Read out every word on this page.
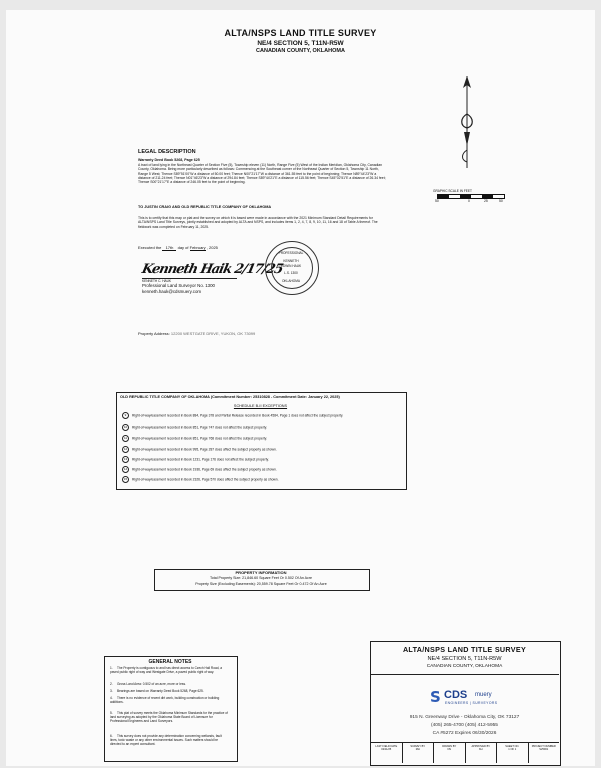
ALTA/NSPS LAND TITLE SURVEY
NE/4 SECTION 5, T11N-R5W
CANADIAN COUNTY, OKLAHOMA
GRAPHIC SCALE IN FEET
50	0	25	50
LEGAL DESCRIPTION
Warranty Deed Book 5268, Page 625
A tract of land lying in the Northeast Quarter of Section Five (5), Township eleven (11) North, Range Five (5) West of the Indian Meridian, Oklahoma City, Canadian County, Oklahoma. Being more particularly described as follows: Commencing at the Southeast corner of the Northeast Quarter of Section 5, Township 11 North, Range 5 West; Thence S89°51'00"W a distance of 50.00 feet; Thence N00°21'17"W a distance of 361.55 feet to the point of beginning; Thence N89°44'23"W a distance of 211.24 feet; Thence N01°46'23"W a distance of 294.84 feet; Thence S89°44'21"E a distance of 115.56 feet; Thence S45°02'51"E a distance of 26.34 feet; Thence S00°21'17"E a distance of 246.05 feet to the point of beginning.
TO JUSTIN CRAIG AND OLD REPUBLIC TITLE COMPANY OF OKLAHOMA
This is to certify that this map or plat and the survey on which it is based were made in accordance with the 2021 Minimum Standard Detail Requirements for ALTA/NSPS Land Title Surveys, jointly established and adopted by ALTA and NSPS, and includes items 1, 2, 4, 7, 8, 9, 10, 11, 16 and 18 of Table A thereof. The fieldwork was completed on February 11, 2025.
Executed the 17th day of February , 2025
Kenneth Haik 2/17/25
KENNETH C. HAUK
Professional Land Surveyor No. 1300
kenneth.hauk@cdsmuery.com
PROFESSIONAL
KENNETH
EDWIN HAUK
L.S. 1300
OKLAHOMA
Property Address: 12200 WESTGATE DRIVE, YUKON, OK 73099
OLD REPUBLIC TITLE COMPANY OF OKLAHOMA (Commitment Number: 25310828 - Commitment Date: January 22, 2025)
SCHEDULE B-II EXCEPTIONS
9 Right-of-way/easement recorded in Book 884, Page 378 and Partial Release recorded in Book 4584, Page 1 does not affect the subject property.
10 Right-of-way/easement recorded in Book 851, Page 747 does not affect the subject property.
11 Right-of-way/easement recorded in Book 851, Page 768 does not affect the subject property.
12 Right-of-way/easement recorded in Book 995, Page 287 does affect the subject property as shown.
13 Right-of-way/easement recorded in Book 1231, Page 176 does not affect the subject property.
14 Right-of-way/easement recorded in Book 1936, Page 69 does affect the subject property as shown.
15 Right-of-way/easement recorded in Book 2326, Page 570 does affect the subject property as shown.
PROPERTY INFORMATION
Total Property Size: 21,846.60 Square Feet Or 0.502 Of An Acre
Property Size (Excluding Easements): 20,559.78 Square Feet Or 0.472 Of An Acre
GENERAL NOTES
1. The Property is contiguous to and has direct access to Czech Hall Road, a paved public right of way and Westgate Drive, a paved public right of way.
2. Gross Land Area: 0.502 of an acre, more or less.
3. Bearings are based on Warranty Deed Book 5268, Page 625.
4. There is no evidence of recent dirt work, building construction or building additions.
5. This plat of survey meets the Oklahoma Minimum Standards for the practice of land surveying as adopted by the Oklahoma State Board of Licensure for Professional Engineers and Land Surveyors.
6. This survey does not provide any determination concerning wetlands, fault lines, toxic waste or any other environmental issues. Such matters should be directed to an expert consultant.
ALTA/NSPS LAND TITLE SURVEY
NE/4 SECTION 5, T11N-R5W
CANADIAN COUNTY, OKLAHOMA
S CDS muery
ENGINEERS | SURVEYORS
915 N. Greenway Drive - Oklahoma City, OK 73127
(405) 265-4700 (405) 412-5955
CA #5272 Expires 06/30/2026
LAST FIELD DATE
02/11/25
SURVEY BY
MH
DRAWN BY
NS
APPROVED BY
KH
SHEET NO.
1 OF 1
PROJECT NUMBER
S25001
